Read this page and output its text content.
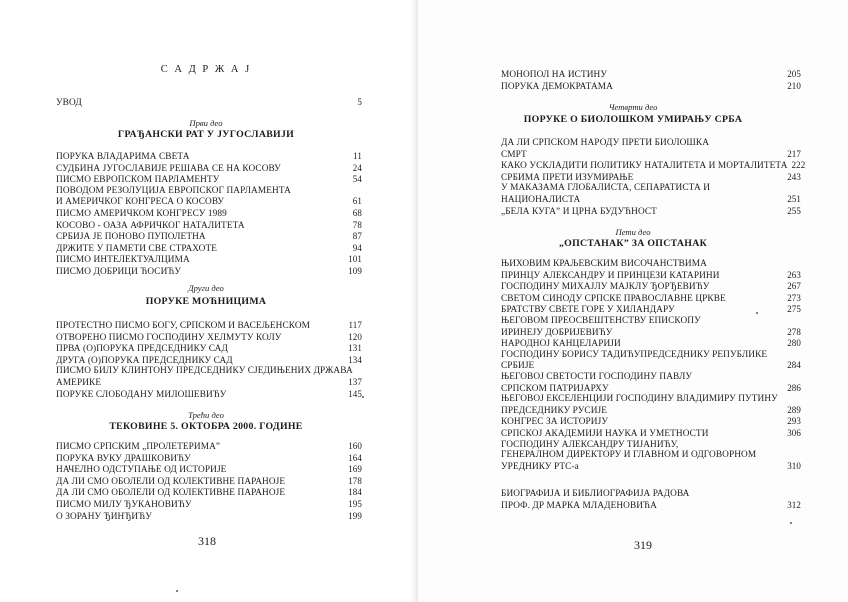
С А Д Р Ж А Ј
УВОД	5
Први део
ГРАЂАНСКИ РАТ У ЈУГОСЛАВИЈИ
ПОРУКА ВЛАДАРИМА СВЕТА	11
СУДБИНА ЈУГОСЛАВИЈЕ РЕШАВА СЕ НА КОСОВУ	24
ПИСМО ЕВРОПСКОМ ПАРЛАМЕНТУ	54
ПОВОДОМ РЕЗОЛУЦИЈА ЕВРОПСКОГ ПАРЛАМЕНТА
И АМЕРИЧКОГ КОНГРЕСА О КОСОВУ	61
ПИСМО АМЕРИЧКОМ КОНГРЕСУ 1989	68
КОСОВО - ОАЗА АФРИЧКОГ НАТАЛИТЕТА	78
СРБИЈА ЈЕ ПОНОВО ПУПОЛЕТНА	87
ДРЖИТЕ У ПАМЕТИ СВЕ СТРАХОТЕ	94
ПИСМО ИНТЕЛЕКТУАЛЦИМА	101
ПИСМО ДОБРИЦИ ЋОСИЋУ	109
Други део
ПОРУКЕ МОЋНИЦИМА
ПРОТЕСТНО ПИСМО БОГУ, СРПСКОМ И ВАСЕЉЕНСКОМ	117
ОТВОРЕНО ПИСМО ГОСПОДИНУ ХЕЛМУТУ КОЛУ	120
ПРВА (О)ПОРУКА ПРЕДСЕДНИКУ САД	131
ДРУГА (О)ПОРУКА ПРЕДСЕДНИКУ САД	134
ПИСМО БИЛУ КЛИНТОНУ ПРЕДСЕДНИКУ СЈЕДИЊЕНИХ ДРЖАВА
АМЕРИКЕ	137
ПОРУКЕ СЛОБОДАНУ МИЛОШЕВИЋУ	145
Трећи део
ТЕКОВИНЕ 5. ОКТОБРА 2000. ГОДИНЕ
ПИСМО СРПСКИМ „ПРОЛЕТЕРИМА”	160
ПОРУКА ВУКУ ДРАШКОВИЋУ	164
НАЧЕЛНО ОДСТУПАЊЕ ОД ИСТОРИЈЕ	169
ДА ЛИ СМО ОБОЛЕЛИ ОД КОЛЕКТИВНЕ ПАРАНОЈЕ	178
ДА ЛИ СМО ОБОЛЕЛИ ОД КОЛЕКТИВНЕ ПАРАНОЈЕ	184
ПИСМО МИЛУ ЂУКАНОВИЋУ	195
О ЗОРАНУ ЂИНЂИЋУ	199
318
МОНОПОЛ НА ИСТИНУ	205
ПОРУКА ДЕМОКРАТАМА	210
Четврти део
ПОРУКЕ О БИОЛОШКОМ УМИРАЊУ СРБА
ДА ЛИ СРПСКОМ НАРОДУ ПРЕТИ БИОЛОШКА
СМРТ	217
КАКО УСКЛАДИТИ ПОЛИТИКУ НАТАЛИТЕТА И МОРТАЛИТЕТА 222
СРБИМА ПРЕТИ ИЗУМИРАЊЕ	243
У МАКАЗАМА ГЛОБАЛИСТА, СЕПАРАТИСТА И
НАЦИОНАЛИСТА	251
„БЕЛА КУГА” И ЦРНА БУДУЋНОСТ	255
Пети део
„ОПСТАНАК” ЗА ОПСТАНАК
ЊИХОВИМ КРАЉЕВСКИМ ВИСОЧАНСТВИМА
ПРИНЦУ АЛЕКСАНДРУ И ПРИНЦЕЗИ КАТАРИНИ	263
ГОСПОДИНУ МИХАЈЛУ МАЈКЛУ ЂОРЂЕВИЋУ	267
СВЕТОМ СИНОДУ СРПСКЕ ПРАВОСЛАВНЕ ЦРКВЕ	273
БРАТСТВУ СВЕТЕ ГОРЕ У ХИЛАНДАРУ	275
ЊЕГОВОМ ПРЕОСВЕШТЕНСТВУ ЕПИСКОПУ
ИРИНЕЈУ ДОБРИЈЕВИЋУ	278
НАРОДНОЈ КАНЦЕЛАРИЈИ	280
ГОСПОДИНУ БОРИСУ ТАДИЋУПРЕДСЕДНИКУ РЕПУБЛИКЕ
СРБИЈЕ	284
ЊЕГОВОЈ СВЕТОСТИ ГОСПОДИНУ ПАВЛУ
СРПСКОМ ПАТРИЈАРХУ	286
ЊЕГОВОЈ ЕКСЕЛЕНЦИЈИ ГОСПОДИНУ ВЛАДИМИРУ ПУТИНУ
ПРЕДСЕДНИКУ РУСИЈЕ	289
КОНГРЕС ЗА ИСТОРИЈУ	293
СРПСКОЈ АКАДЕМИЈИ НАУКА И УМЕТНОСТИ	306
ГОСПОДИНУ АЛЕКСАНДРУ ТИЈАНИЋУ,
ГЕНЕРАЛНОМ ДИРЕКТОРУ И ГЛАВНОМ И ОДГОВОРНОМ
УРЕДНИКУ РТС-а	310
БИОГРАФИЈА И БИБЛИОГРАФИЈА РАДОВА
ПРОФ. ДР МАРКА МЛАДЕНОВИЋА	312
319
